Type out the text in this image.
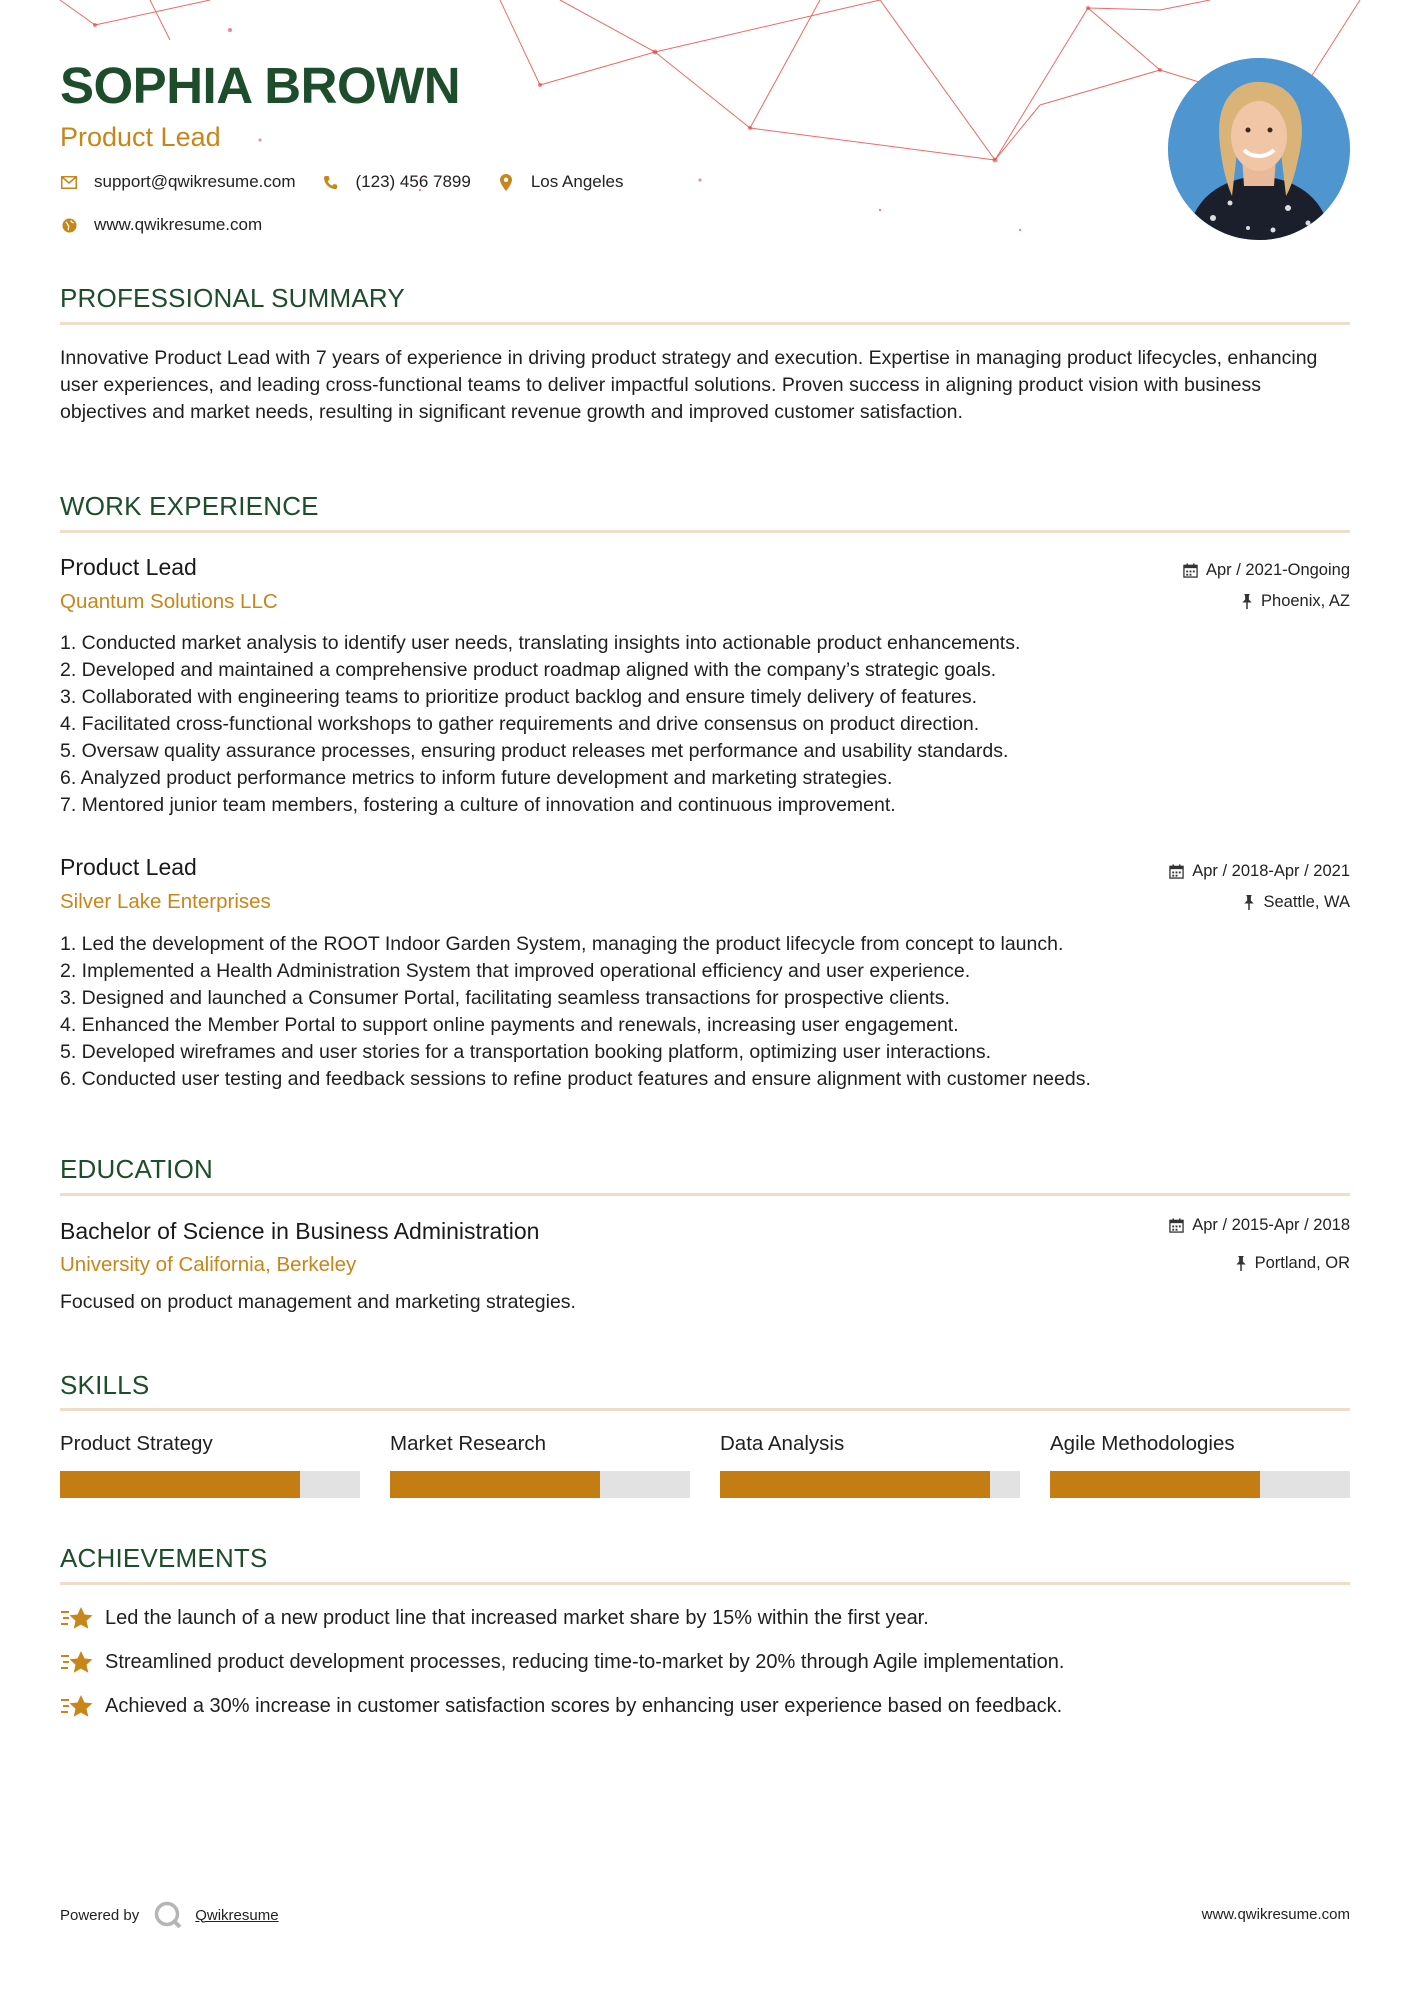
SOPHIA BROWN
Product Lead
support@qwikresume.com	(123) 456 7899	Los Angeles
www.qwikresume.com
PROFESSIONAL SUMMARY

Innovative Product Lead with 7 years of experience in driving product strategy and execution. Expertise in managing product lifecycles, enhancing user experiences, and leading cross-functional teams to deliver impactful solutions. Proven success in aligning product vision with business objectives and market needs, resulting in significant revenue growth and improved customer satisfaction.

WORK EXPERIENCE
Product Lead
Quantum Solutions LLC
Apr / 2021-Ongoing
Phoenix, AZ
1. Conducted market analysis to identify user needs, translating insights into actionable product enhancements.
2. Developed and maintained a comprehensive product roadmap aligned with the company’s strategic goals.
3. Collaborated with engineering teams to prioritize product backlog and ensure timely delivery of features.
4. Facilitated cross-functional workshops to gather requirements and drive consensus on product direction.
5. Oversaw quality assurance processes, ensuring product releases met performance and usability standards.
6. Analyzed product performance metrics to inform future development and marketing strategies.
7. Mentored junior team members, fostering a culture of innovation and continuous improvement.
Product Lead
Silver Lake Enterprises
Apr / 2018-Apr / 2021
Seattle, WA
1. Led the development of the ROOT Indoor Garden System, managing the product lifecycle from concept to launch.
2. Implemented a Health Administration System that improved operational efficiency and user experience.
3. Designed and launched a Consumer Portal, facilitating seamless transactions for prospective clients.
4. Enhanced the Member Portal to support online payments and renewals, increasing user engagement.
5. Developed wireframes and user stories for a transportation booking platform, optimizing user interactions.
6. Conducted user testing and feedback sessions to refine product features and ensure alignment with customer needs.
EDUCATION
Bachelor of Science in Business Administration
University of California, Berkeley
Apr / 2015-Apr / 2018
Portland, OR
Focused on product management and marketing strategies.
SKILLS
Product Strategy	Market Research	Data Analysis	Agile Methodologies
ACHIEVEMENTS
Led the launch of a new product line that increased market share by 15% within the first year.
Streamlined product development processes, reducing time-to-market by 20% through Agile implementation.
Achieved a 30% increase in customer satisfaction scores by enhancing user experience based on feedback.
Powered by	Qwikresume	www.qwikresume.com
